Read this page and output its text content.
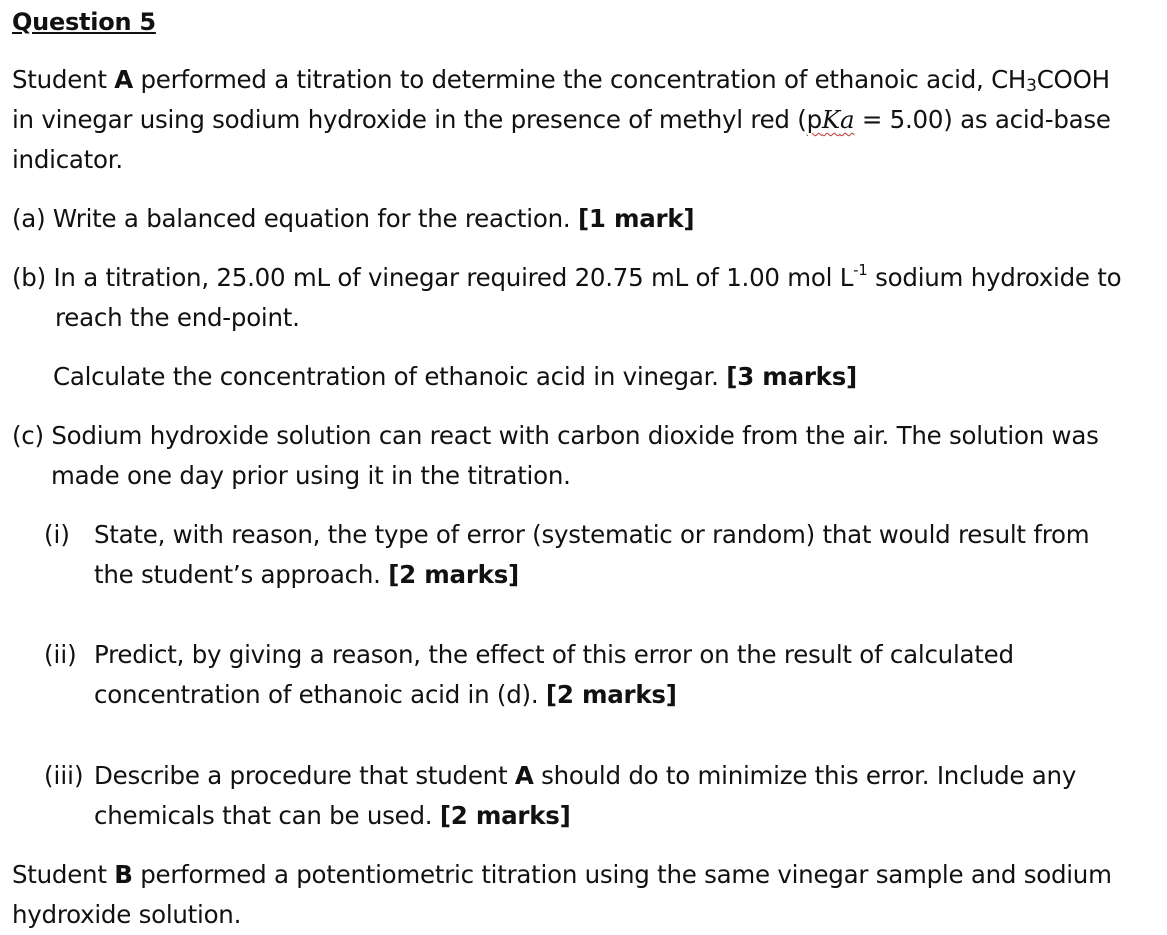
Question 5
Student A performed a titration to determine the concentration of ethanoic acid, CH3COOH
in vinegar using sodium hydroxide in the presence of methyl red (pKa = 5.00) as acid-base
indicator.
(a) Write a balanced equation for the reaction. [1 mark]
(b) In a titration, 25.00 mL of vinegar required 20.75 mL of 1.00 mol $L^{-1}$ sodium hydroxide to
reach the end-point.
Calculate the concentration of ethanoic acid in vinegar. [3 marks]
(c) Sodium hydroxide solution can react with carbon dioxide from the air. The solution was
made one day prior using it in the titration.
(i) State, with reason, the type of error (systematic or random) that would result from
the student’s approach. [2 marks]
(ii) Predict, by giving a reason, the effect of this error on the result of calculated
concentration of ethanoic acid in (d). [2 marks]
(iii) Describe a procedure that student A should do to minimize this error. Include any
chemicals that can be used. [2 marks]
Student B performed a potentiometric titration using the same vinegar sample and sodium
hydroxide solution.
